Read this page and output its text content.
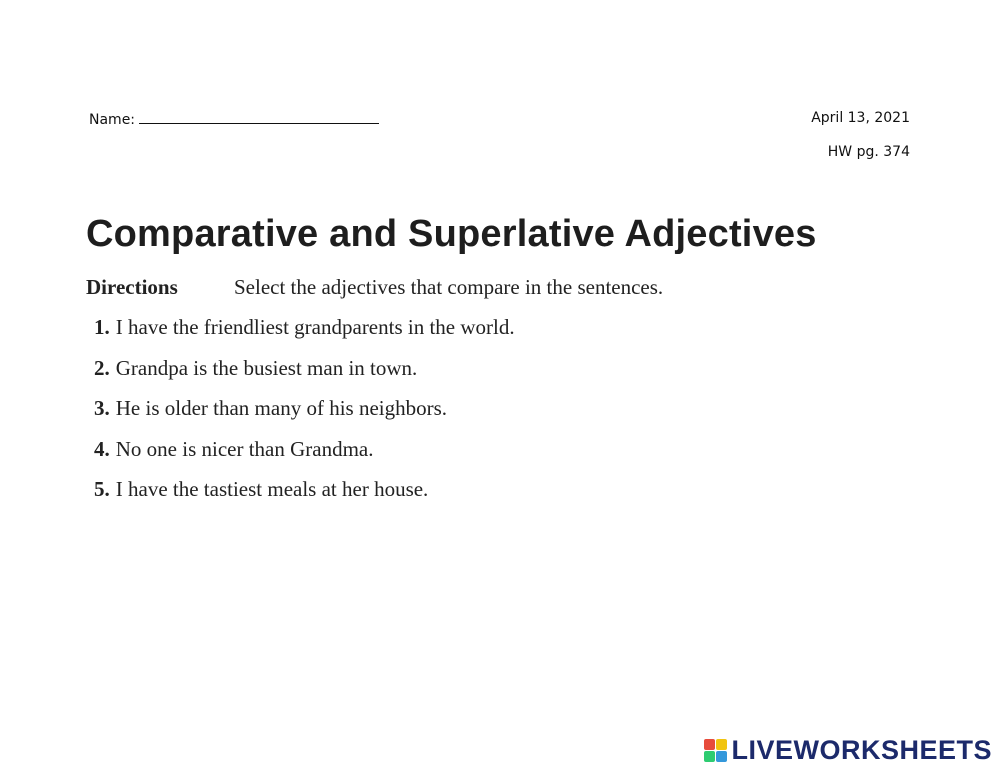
Name:	April 13, 2021
HW pg. 374
Comparative and Superlative Adjectives
Directions	Select the adjectives that compare in the sentences.
1. I have the friendliest grandparents in the world.
2. Grandpa is the busiest man in town.
3. He is older than many of his neighbors.
4. No one is nicer than Grandma.
5. I have the tastiest meals at her house.
LIVEWORKSHEETS
